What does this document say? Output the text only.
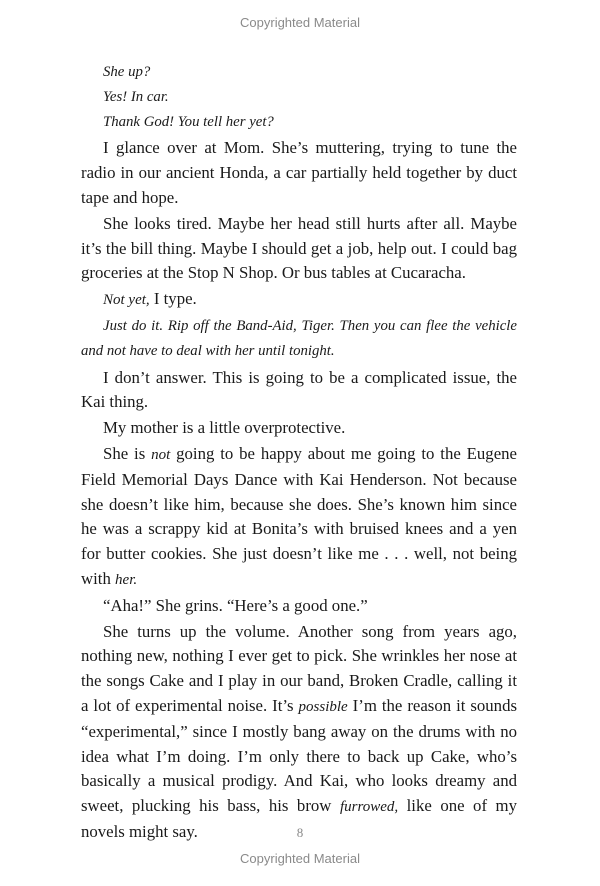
Copyrighted Material

She up?

Yes! In car.

Thank God! You tell her yet?

I glance over at Mom. She’s muttering, trying to tune the radio in our ancient Honda, a car partially held together by duct tape and hope.

She looks tired. Maybe her head still hurts after all. Maybe it’s the bill thing. Maybe I should get a job, help out. I could bag groceries at the Stop N Shop. Or bus tables at Cucaracha.

Not yet, I type.

Just do it. Rip off the Band-Aid, Tiger. Then you can flee the vehicle and not have to deal with her until tonight.

I don’t answer. This is going to be a complicated issue, the Kai thing.

My mother is a little overprotective.

She is not going to be happy about me going to the Eugene Field Memorial Days Dance with Kai Henderson. Not because she doesn’t like him, because she does. She’s known him since he was a scrappy kid at Bonita’s with bruised knees and a yen for butter cookies. She just doesn’t like me . . . well, not being with her.

“Aha!” She grins. “Here’s a good one.”

She turns up the volume. Another song from years ago, nothing new, nothing I ever get to pick. She wrinkles her nose at the songs Cake and I play in our band, Broken Cradle, calling it a lot of experimental noise. It’s possible I’m the reason it sounds “experimental,” since I mostly bang away on the drums with no idea what I’m doing. I’m only there to back up Cake, who’s basically a musical prodigy. And Kai, who looks dreamy and sweet, plucking his bass, his brow furrowed, like one of my novels might say.	8
Copyrighted Material
